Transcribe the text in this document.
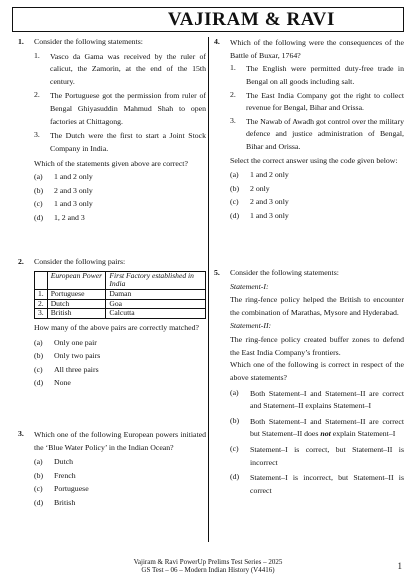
VAJIRAM & RAVI
1. Consider the following statements:
1.	Vasco da Gama was received by the ruler of calicut, the Zamorin, at the end of the 15th century.
2.	The Portuguese got the permission from ruler of Bengal Ghiyasuddin Mahmud Shah to open factories at Chittagong.
3.	The Dutch were the first to start a Joint Stock Company in India.
Which of the statements given above are correct?
(a)	1 and 2 only
(b)	2 and 3 only
(c)	1 and 3 only
(d)	1, 2 and 3
2. Consider the following pairs:
	European Power	First Factory established in India
1.	Portuguese	Daman
2.	Dutch	Goa
3.	British	Calcutta
How many of the above pairs are correctly matched?
(a)	Only one pair
(b)	Only two pairs
(c)	All three pairs
(d)	None
3. Which one of the following European powers initiated the ‘Blue Water Policy’ in the Indian Ocean?
(a)	Dutch
(b)	French
(c)	Portuguese
(d)	British
4. Which of the following were the consequences of the Battle of Buxar, 1764?
1.	The English were permitted duty-free trade in Bengal on all goods including salt.
2.	The East India Company got the right to collect revenue for Bengal, Bihar and Orissa.
3.	The Nawab of Awadh got control over the military defence and justice administration of Bengal, Bihar and Orissa.
Select the correct answer using the code given below:
(a)	1 and 2 only
(b)	2 only
(c)	2 and 3 only
(d)	1 and 3 only
5. Consider the following statements:
Statement-I:
The ring-fence policy helped the British to encounter the combination of Marathas, Mysore and Hyderabad.
Statement-II:
The ring-fence policy created buffer zones to defend the East India Company’s frontiers.
Which one of the following is correct in respect of the above statements?
(a)	Both Statement–I and Statement–II are correct and Statement–II explains Statement–I
(b)	Both Statement–I and Statement–II are correct but Statement–II does not explain Statement–I
(c)	Statement–I is correct, but Statement–II is incorrect
(d)	Statement–I is incorrect, but Statement–II is correct
Vajiram & Ravi PowerUp Prelims Test Series – 2025
GS Test – 06 – Modern Indian History (V4416)	1
